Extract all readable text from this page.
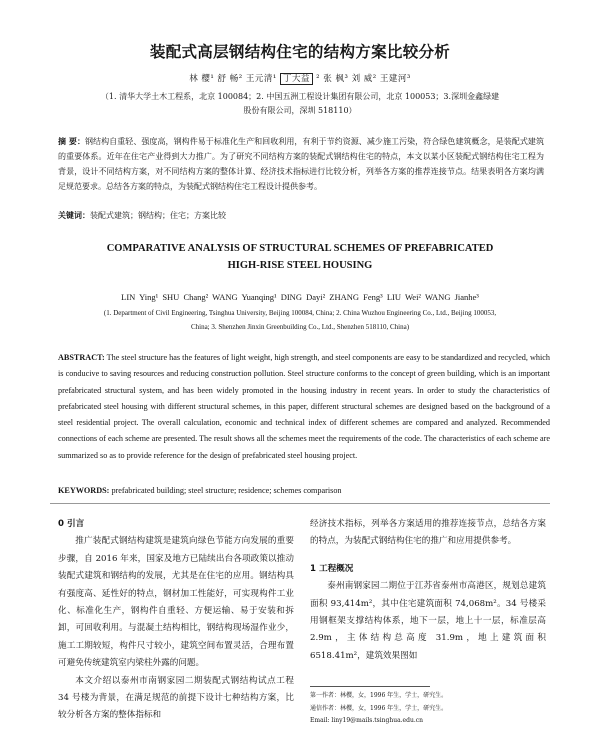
装配式高层钢结构住宅的结构方案比较分析
林 樱¹ 舒 畅² 王元清¹ 丁大益 ² 张 枫³ 刘 威² 王建河³
（1. 清华大学土木工程系，北京 100084；2. 中国五洲工程设计集团有限公司，北京 100053；3.深圳金鑫绿建
股份有限公司，深圳 518110）
摘 要：钢结构自重轻、强度高，钢构件易于标准化生产和回收利用，有利于节约资源、减少施工污染，符合绿色建筑概念，是装配式建筑的重要体系。近年在住宅产业得到大力推广。为了研究不同结构方案的装配式钢结构住宅的特点，本文以某小区装配式钢结构住宅工程为背景，设计不同结构方案，对不同结构方案的整体计算、经济技术指标进行比较分析，列举各方案的推荐连接节点。结果表明各方案均满足规范要求。总结各方案的特点，为装配式钢结构住宅工程设计提供参考。
关键词：装配式建筑；钢结构；住宅；方案比较
COMPARATIVE ANALYSIS OF STRUCTURAL SCHEMES OF PREFABRICATED
HIGH-RISE STEEL HOUSING
LIN Ying¹ SHU Chang² WANG Yuanqing¹ DING Dayi² ZHANG Feng³ LIU Wei² WANG Jianhe³
(1. Department of Civil Engineering, Tsinghua University, Beijing 100084, China; 2. China Wuzhou Engineering Co., Ltd., Beijing 100053,
China; 3. Shenzhen Jinxin Greenbuilding Co., Ltd., Shenzhen 518110, China)
ABSTRACT: The steel structure has the features of light weight, high strength, and steel components are easy to be standardized and recycled, which is conducive to saving resources and reducing construction pollution. Steel structure conforms to the concept of green building, which is an important prefabricated structural system, and has been widely promoted in the housing industry in recent years. In order to study the characteristics of prefabricated steel housing with different structural schemes, in this paper, different structural schemes are designed based on the background of a steel residential project. The overall calculation, economic and technical index of different schemes are compared and analyzed. Recommended connections of each scheme are presented. The result shows all the schemes meet the requirements of the code. The characteristics of each scheme are summarized so as to provide reference for the design of prefabricated steel housing project.
KEYWORDS: prefabricated building; steel structure; residence; schemes comparison
0 引言
推广装配式钢结构建筑是建筑向绿色节能方向发展的重要步骤，自 2016 年来，国家及地方已陆续出台各项政策以推动装配式建筑和钢结构的发展，尤其是在住宅的应用。钢结构具有强度高、延性好的特点，钢材加工性能好，可实现构件工业化、标准化生产，钢构件自重轻、方便运输、易于安装和拆卸，可回收利用。与混凝土结构相比，钢结构现场湿作业少，施工工期较短，构件尺寸较小，建筑空间布置灵活，合理布置可避免传统建筑室内梁柱外露的问题。
本文介绍以泰州市南钢家园二期装配式钢结构试点工程 34 号楼为背景，在满足规范的前提下设计七种结构方案，比较分析各方案的整体指标和
经济技术指标，列举各方案适用的推荐连接节点，总结各方案的特点，为装配式钢结构住宅的推广和应用提供参考。
1 工程概况
泰州南钢家园二期位于江苏省泰州市高港区，规划总建筑面积 93,414m²，其中住宅建筑面积 74,068m²。34 号楼采用钢框架支撑结构体系，地下一层，地上十一层，标准层高 2.9m，主体结构总高度 31.9m，地上建筑面积 6518.41m²，建筑效果图如
第一作者：林樱，女，1996 年生，学士，研究生。
通信作者：林樱，女，1996 年生，学士，研究生。
Email: liny19@mails.tsinghua.edu.cn
